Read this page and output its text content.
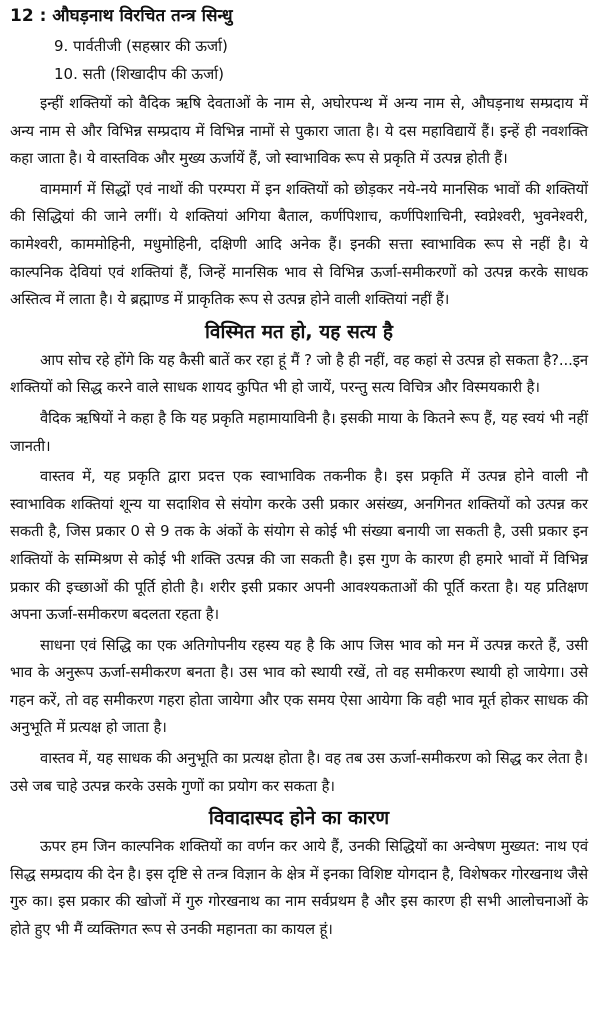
12 : औघड़नाथ विरचित तन्त्र सिन्धु
9. पार्वतीजी (सहस्रार की ऊर्जा)
10. सती (शिखादीप की ऊर्जा)

इन्हीं शक्तियों को वैदिक ऋषि देवताओं के नाम से, अघोरपन्थ में अन्य नाम से, औघड़नाथ सम्प्रदाय में अन्य नाम से और विभिन्न सम्प्रदाय में विभिन्न नामों से पुकारा जाता है। ये दस महाविद्यायें हैं। इन्हें ही नवशक्ति कहा जाता है। ये वास्तविक और मुख्य ऊर्जायें हैं, जो स्वाभाविक रूप से प्रकृति में उत्पन्न होती हैं।

वाममार्ग में सिद्धों एवं नाथों की परम्परा में इन शक्तियों को छोड़कर नये-नये मानसिक भावों की शक्तियों की सिद्धियां की जाने लगीं। ये शक्तियां अगिया बैताल, कर्णपिशाच, कर्णपिशाचिनी, स्वप्नेश्वरी, भुवनेश्वरी, कामेश्वरी, काममोहिनी, मधुमोहिनी, दक्षिणी आदि अनेक हैं। इनकी सत्ता स्वाभाविक रूप से नहीं है। ये काल्पनिक देवियां एवं शक्तियां हैं, जिन्हें मानसिक भाव से विभिन्न ऊर्जा-समीकरणों को उत्पन्न करके साधक अस्तित्व में लाता है। ये ब्रह्माण्ड में प्राकृतिक रूप से उत्पन्न होने वाली शक्तियां नहीं हैं।

विस्मित मत हो, यह सत्य है

आप सोच रहे होंगे कि यह कैसी बातें कर रहा हूं मैं ? जो है ही नहीं, वह कहां से उत्पन्न हो सकता है?...इन शक्तियों को सिद्ध करने वाले साधक शायद कुपित भी हो जायें, परन्तु सत्य विचित्र और विस्मयकारी है।

वैदिक ऋषियों ने कहा है कि यह प्रकृति महामायाविनी है। इसकी माया के कितने रूप हैं, यह स्वयं भी नहीं जानती।

वास्तव में, यह प्रकृति द्वारा प्रदत्त एक स्वाभाविक तकनीक है। इस प्रकृति में उत्पन्न होने वाली नौ स्वाभाविक शक्तियां शून्य या सदाशिव से संयोग करके उसी प्रकार असंख्य, अनगिनत शक्तियों को उत्पन्न कर सकती है, जिस प्रकार 0 से 9 तक के अंकों के संयोग से कोई भी संख्या बनायी जा सकती है, उसी प्रकार इन शक्तियों के सम्मिश्रण से कोई भी शक्ति उत्पन्न की जा सकती है। इस गुण के कारण ही हमारे भावों में विभिन्न प्रकार की इच्छाओं की पूर्ति होती है। शरीर इसी प्रकार अपनी आवश्यकताओं की पूर्ति करता है। यह प्रतिक्षण अपना ऊर्जा-समीकरण बदलता रहता है।

साधना एवं सिद्धि का एक अतिगोपनीय रहस्य यह है कि आप जिस भाव को मन में उत्पन्न करते हैं, उसी भाव के अनुरूप ऊर्जा-समीकरण बनता है। उस भाव को स्थायी रखें, तो वह समीकरण स्थायी हो जायेगा। उसे गहन करें, तो वह समीकरण गहरा होता जायेगा और एक समय ऐसा आयेगा कि वही भाव मूर्त होकर साधक की अनुभूति में प्रत्यक्ष हो जाता है।

वास्तव में, यह साधक की अनुभूति का प्रत्यक्ष होता है। वह तब उस ऊर्जा-समीकरण को सिद्ध कर लेता है। उसे जब चाहे उत्पन्न करके उसके गुणों का प्रयोग कर सकता है।

विवादास्पद होने का कारण

ऊपर हम जिन काल्पनिक शक्तियों का वर्णन कर आये हैं, उनकी सिद्धियों का अन्वेषण मुख्यत: नाथ एवं सिद्ध सम्प्रदाय की देन है। इस दृष्टि से तन्त्र विज्ञान के क्षेत्र में इनका विशिष्ट योगदान है, विशेषकर गोरखनाथ जैसे गुरु का। इस प्रकार की खोजों में गुरु गोरखनाथ का नाम सर्वप्रथम है और इस कारण ही सभी आलोचनाओं के होते हुए भी मैं व्यक्तिगत रूप से उनकी महानता का कायल हूं।
